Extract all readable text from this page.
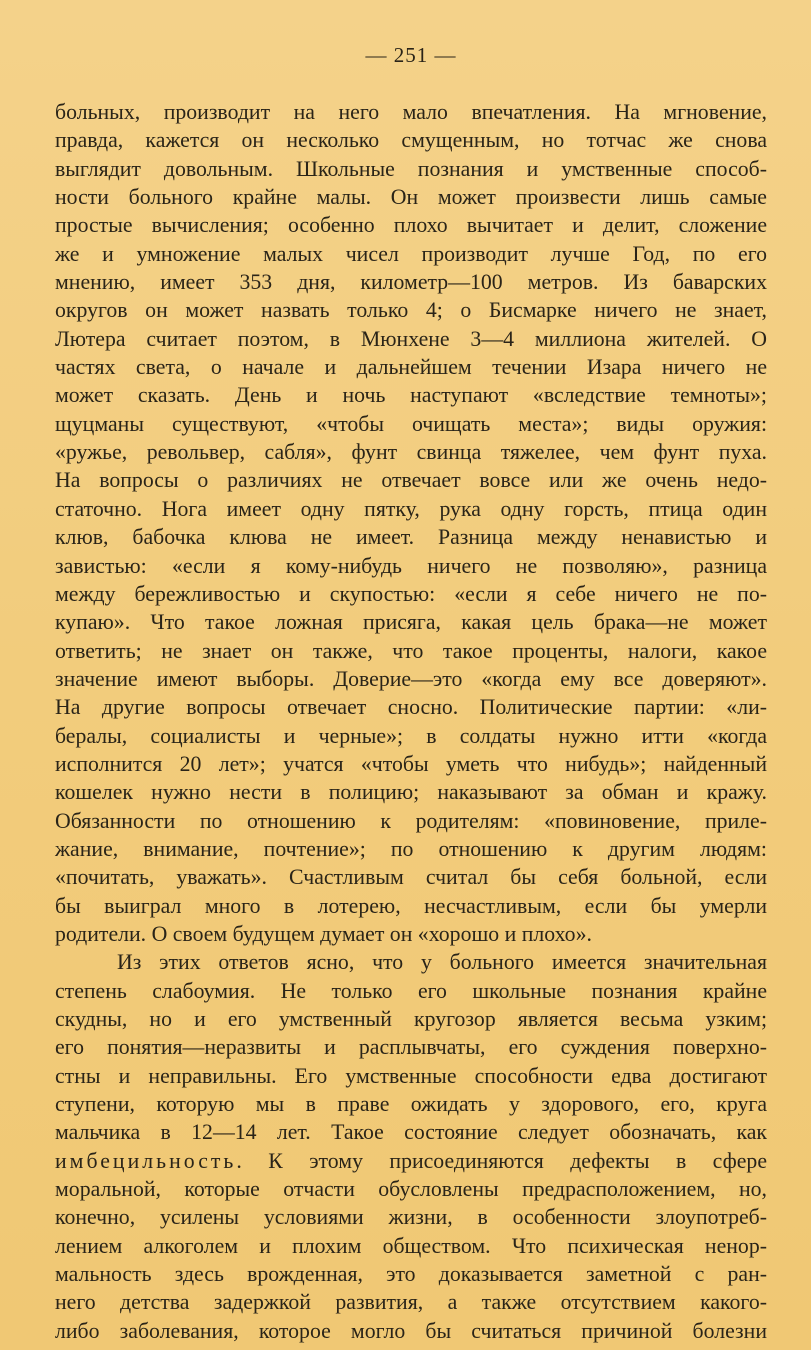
— 251 —
больных, производит на него мало впечатления. На мгновение,
правда, кажется он несколько смущенным, но тотчас же снова
выглядит довольным. Школьные познания и умственные способ-
ности больного крайне малы. Он может произвести лишь самые
простые вычисления; особенно плохо вычитает и делит, сложение
же и умножение малых чисел производит лучше Год, по его
мнению, имеет 353 дня, километр—100 метров. Из баварских
округов он может назвать только 4; о Бисмарке ничего не знает,
Лютера считает поэтом, в Мюнхене 3—4 миллиона жителей. О
частях света, о начале и дальнейшем течении Изара ничего не
может сказать. День и ночь наступают «вследствие темноты»;
щуцманы существуют, «чтобы очищать места»; виды оружия:
«ружье, револьвер, сабля», фунт свинца тяжелее, чем фунт пуха.
На вопросы о различиях не отвечает вовсе или же очень недо-
статочно. Нога имеет одну пятку, рука одну горсть, птица один
клюв, бабочка клюва не имеет. Разница между ненавистью и
завистью: «если я кому-нибудь ничего не позволяю», разница
между бережливостью и скупостью: «если я себе ничего не по-
купаю». Что такое ложная присяга, какая цель брака—не может
ответить; не знает он также, что такое проценты, налоги, какое
значение имеют выборы. Доверие—это «когда ему все доверяют».
На другие вопросы отвечает сносно. Политические партии: «ли-
бералы, социалисты и черные»; в солдаты нужно итти «когда
исполнится 20 лет»; учатся «чтобы уметь что нибудь»; найденный
кошелек нужно нести в полицию; наказывают за обман и кражу.
Обязанности по отношению к родителям: «повиновение, приле-
жание, внимание, почтение»; по отношению к другим людям:
«почитать, уважать». Счастливым считал бы себя больной, если
бы выиграл много в лотерею, несчастливым, если бы умерли
родители. О своем будущем думает он «хорошо и плохо».
Из этих ответов ясно, что у больного имеется значительная
степень слабоумия. Не только его школьные познания крайне
скудны, но и его умственный кругозор является весьма узким;
его понятия—неразвиты и расплывчаты, его суждения поверхно-
стны и неправильны. Его умственные способности едва достигают
ступени, которую мы в праве ожидать у здорового, его, круга
мальчика в 12—14 лет. Такое состояние следует обозначать, как
имбецильность. К этому присоединяются дефекты в сфере
моральной, которые отчасти обусловлены предрасположением, но,
конечно, усилены условиями жизни, в особенности злоупотреб-
лением алкоголем и плохим обществом. Что психическая ненор-
мальность здесь врожденная, это доказывается заметной с ран-
него детства задержкой развития, а также отсутствием какого-
либо заболевания, которое могло бы считаться причиной болезни
